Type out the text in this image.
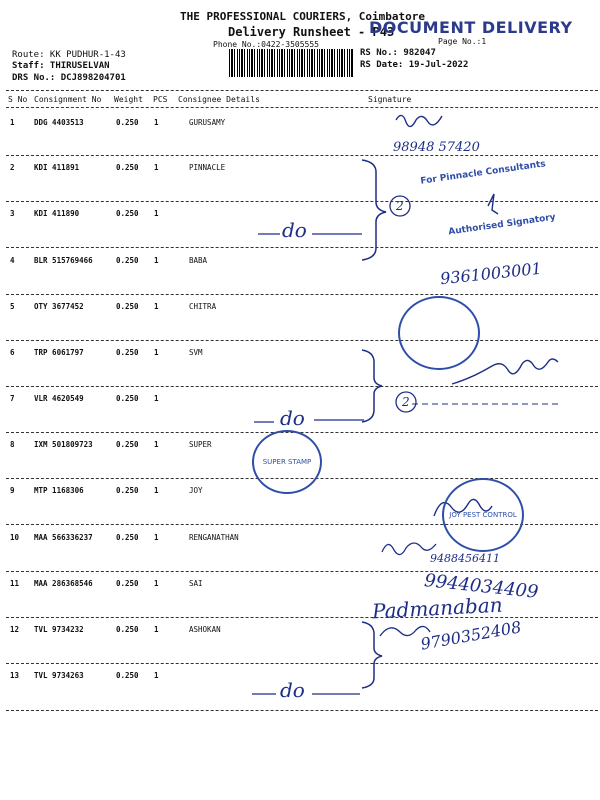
THE PROFESSIONAL COURIERS, Coimbatore
Delivery Runsheet - P43
DOCUMENT DELIVERY
Phone No.:0422-3505555	Page No.:1
Route: KK PUDHUR-1-43
Staff: THIRUSELVAN
DRS No.: DCJ898204701
RS No.: 982047
RS Date: 19-Jul-2022
S No Consignment No Weight PCS Consignee Details	Signature
1	DDG 4403513	0.250 1	GURUSAMY
2	KDI 411891	0.250 1	PINNACLE
3	KDI 411890	0.250 1
4	BLR 515769466	0.250 1	BABA
5	OTY 3677452	0.250 1	CHITRA
6	TRP 6061797	0.250 1	SVM
7	VLR 4620549	0.250 1
8	IXM 501809723	0.250 1	SUPER
9	MTP 1168306	0.250 1	JOY
10 MAA 566336237	0.250 1	RENGANATHAN
11 MAA 286368546	0.250 1	SAI
12 TVL 9734232	0.250 1	ASHOKAN
13 TVL 9734263	0.250 1
98948 57420
do
2
2
do
do
9361003001
9488456411
9944034409
Padmanaban
9790352408
For Pinnacle Consultants
Authorised Signatory
SUPER STAMP
JOY PEST CONTROL
